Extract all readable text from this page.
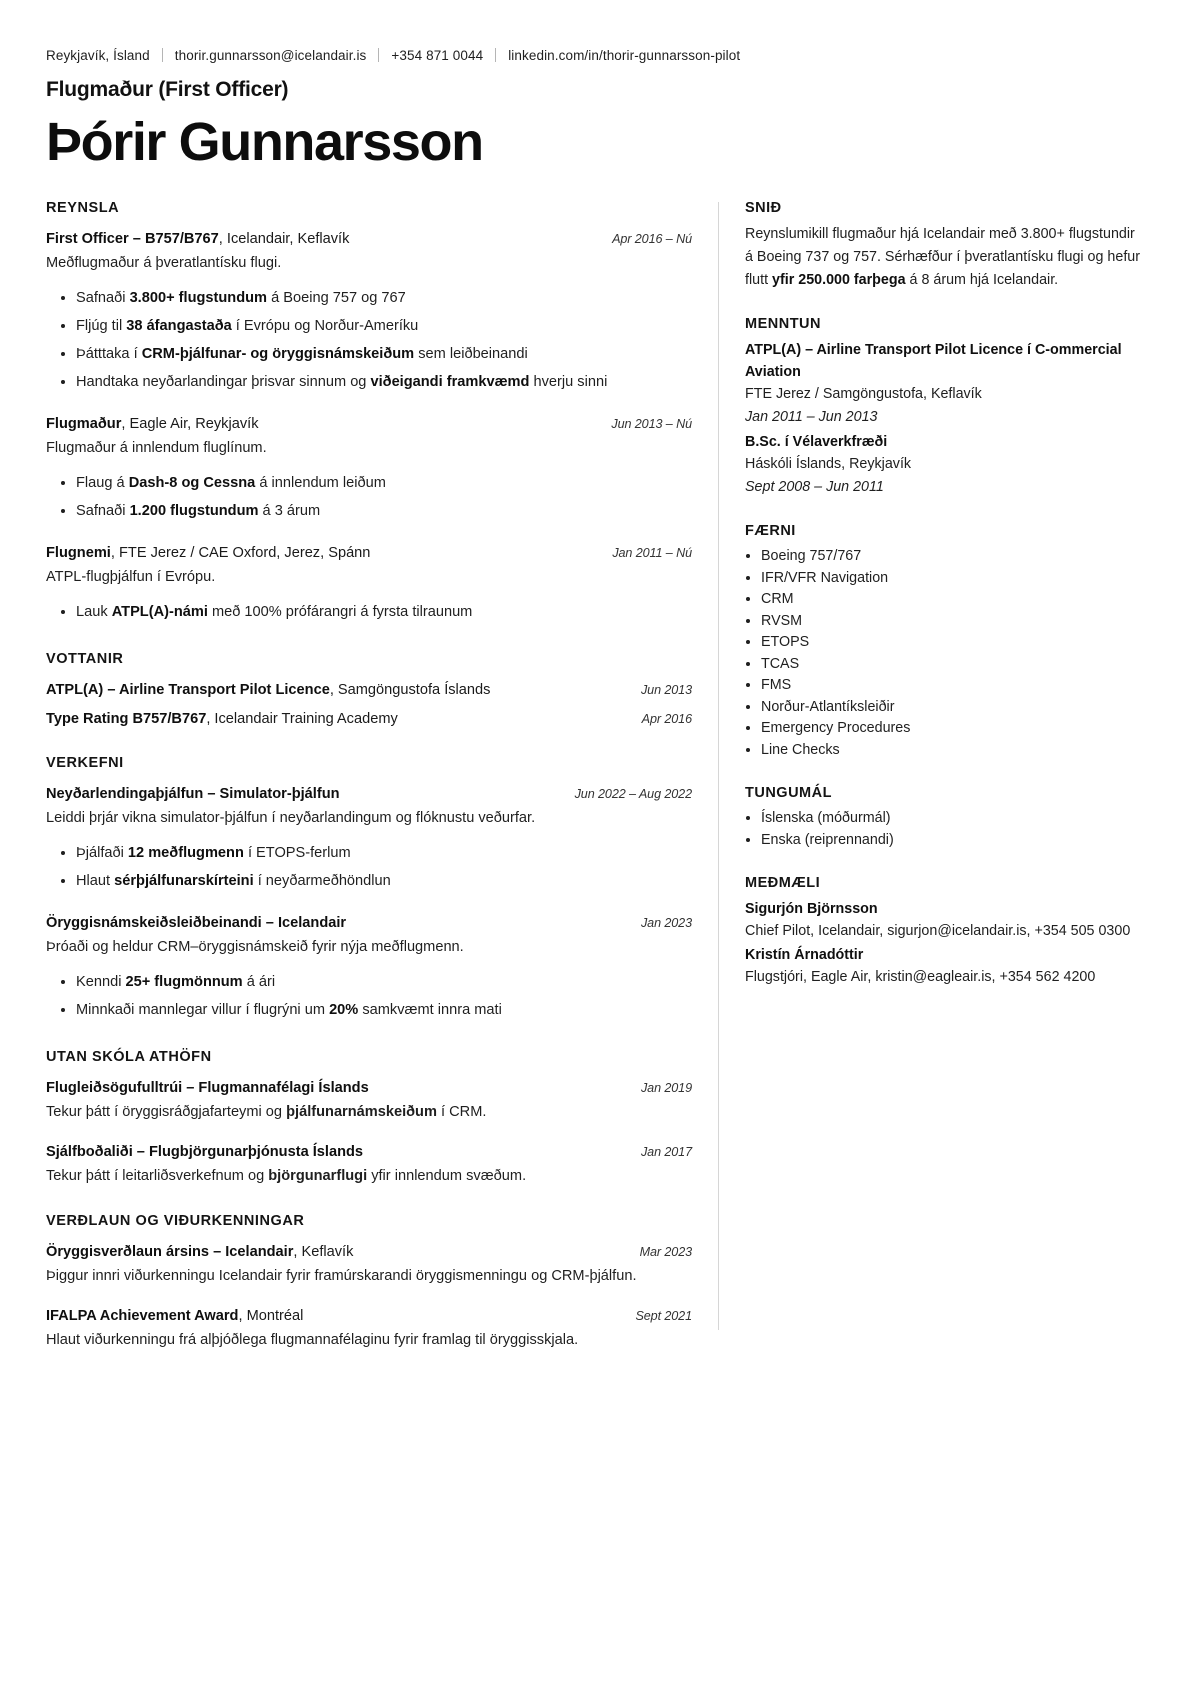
Reykjavík, Ísland thorir.gunnarsson@icelandair.is +354 871 0044 linkedin.com/in/thorir-gunnarsson-pilot
Flugmaður (First Officer)
Þórir Gunnarsson
REYNSLA
First Officer – B757/B767, Icelandair, Keflavík	Apr 2016 – Nú
Meðflugmaður á þveratlantísku flugi.
• Safnaði 3.800+ flugstundum á Boeing 757 og 767
• Fljúg til 38 áfangastaða í Evrópu og Norður-Ameríku
• Þátttaka í CRM-þjálfunar- og öryggisnámskeiðum sem leiðbeinandi
• Handtaka neyðarlandingar þrisvar sinnum og viðeigandi framkvæmd hverju sinni
Flugmaður, Eagle Air, Reykjavík	Jun 2013 – Nú
Flugmaður á innlendum fluglínum.
• Flaug á Dash-8 og Cessna á innlendum leiðum
• Safnaði 1.200 flugstundum á 3 árum
Flugnemi, FTE Jerez / CAE Oxford, Jerez, Spánn	Jan 2011 – Nú
ATPL-flugþjálfun í Evrópu.
• Lauk ATPL(A)-námi með 100% prófárangri á fyrsta tilraunum
VOTTANIR
ATPL(A) – Airline Transport Pilot Licence, Samgöngustofa Íslands	Jun 2013
Type Rating B757/B767, Icelandair Training Academy	Apr 2016
VERKEFNI
Neyðarlendingaþjálfun – Simulator-þjálfun	Jun 2022 – Aug 2022
Leiddi þrjár vikna simulator-þjálfun í neyðarlandingum og flóknustu veðurfar.
• Þjálfaði 12 meðflugmenn í ETOPS-ferlum
• Hlaut sérþjálfunarskírteini í neyðarmeðhöndlun
Öryggisnámskeiðsleiðbeinandi – Icelandair	Jan 2023
Þróaði og heldur CRM–öryggisnámskeið fyrir nýja meðflugmenn.
• Kenndi 25+ flugmönnum á ári
• Minnkaði mannlegar villur í flugrýni um 20% samkvæmt innra mati
UTAN SKÓLA ATHÖFN
Flugleiðsögufulltrúi – Flugmannafélagi Íslands	Jan 2019
Tekur þátt í öryggisráðgjafarteymi og þjálfunarnámskeiðum í CRM.
Sjálfboðaliði – Flugbjörgunarþjónusta Íslands	Jan 2017
Tekur þátt í leitarliðsverkefnum og björgunarflugi yfir innlendum svæðum.
VERÐLAUN OG VIÐURKENNINGAR
Öryggisverðlaun ársins – Icelandair, Keflavík	Mar 2023
Þiggur innri viðurkenningu Icelandair fyrir framúrskarandi öryggismenningu og CRM-þjálfun.
IFALPA Achievement Award, Montréal	Sept 2021
Hlaut viðurkenningu frá alþjóðlega flugmannafélaginu fyrir framlag til öryggisskjala.
SNIÐ
Reynslumikill flugmaður hjá Icelandair með 3.800+ flugstundir á Boeing 737 og 757. Sérhæfður í þveratlantísku flugi og hefur flutt yfir 250.000 farþega á 8 árum hjá Icelandair.
MENNTUN
ATPL(A) – Airline Transport Pilot Licence í C-ommercial Aviation
FTE Jerez / Samgöngustofa, Keflavík
Jan 2011 – Jun 2013
B.Sc. í Vélaverkfræði
Háskóli Íslands, Reykjavík
Sept 2008 – Jun 2011
FÆRNI
• Boeing 757/767
• IFR/VFR Navigation
• CRM
• RVSM
• ETOPS
• TCAS
• FMS
• Norður-Atlantíksleiðir
• Emergency Procedures
• Line Checks
TUNGUMÁL
• Íslenska (móðurmál)
• Enska (reiprennandi)
MEÐMÆLI
Sigurjón Björnsson
Chief Pilot, Icelandair, sigurjon@icelandair.is, +354 505 0300
Kristín Árnadóttir
Flugstjóri, Eagle Air, kristin@eagleair.is, +354 562 4200
